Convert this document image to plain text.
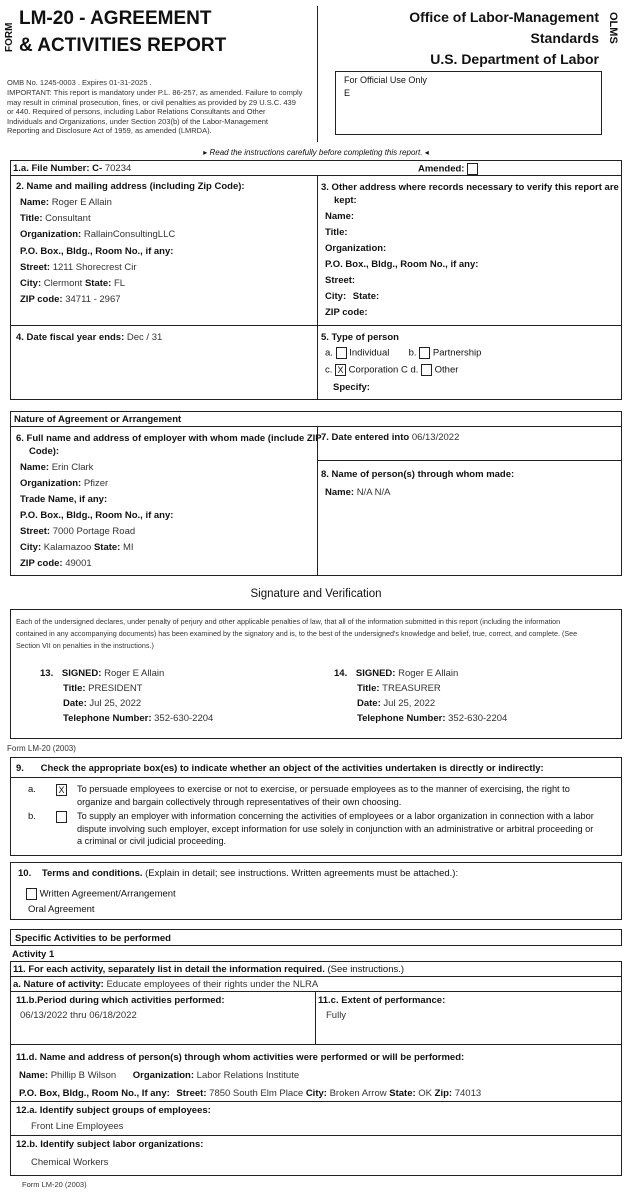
FORM
LM-20 - AGREEMENT
& ACTIVITIES REPORT
Office of Labor-Management
Standards
U.S. Department of Labor
OLMS
OMB No. 1245-0003 . Expires 01-31-2025 .
IMPORTANT: This report is mandatory under P.L. 86-257, as amended. Failure to comply
may result in criminal prosecution, fines, or civil penalties as provided by 29 U.S.C. 439
or 440. Required of persons, including Labor Relations Consultants and Other
Individuals and Organizations, under Section 203(b) of the Labor-Management
Reporting and Disclosure Act of 1959, as amended (LMRDA).
For Official Use Only
E
▸ Read the instructions carefully before completing this report. ◂
1.a. File Number: C- 70234	Amended:
2. Name and mailing address (including Zip Code):
Name: Roger E Allain
Title: Consultant
Organization: RallainConsultingLLC
P.O. Box., Bldg., Room No., if any:
Street: 1211 Shorecrest Cir
City: Clermont State: FL
ZIP code: 34711 - 2967
3. Other address where records necessary to verify this report are
kept:
Name:
Title:
Organization:
P.O. Box., Bldg., Room No., if any:
Street:
City: State:
ZIP code:
4. Date fiscal year ends: Dec / 31	5. Type of person
a. Individual b. Partnership
c. X Corporation C d. Other
Specify:
Nature of Agreement or Arrangement
6. Full name and address of employer with whom made (include ZIP
Code):
Name: Erin Clark
Organization: Pfizer
Trade Name, if any:
P.O. Box., Bldg., Room No., if any:
Street: 7000 Portage Road
City: Kalamazoo State: MI
ZIP code: 49001
7. Date entered into 06/13/2022
8. Name of person(s) through whom made:
Name: N/A N/A
Signature and Verification
Each of the undersigned declares, under penalty of perjury and other applicable penalties of law, that all of the information submitted in this report (including the information
contained in any accompanying documents) has been examined by the signatory and is, to the best of the undersigned's knowledge and belief, true, correct, and complete. (See
Section VII on penalties in the instructions.)
13. SIGNED: Roger E Allain
Title: PRESIDENT
Date: Jul 25, 2022
Telephone Number: 352-630-2204
14. SIGNED: Roger E Allain
Title: TREASURER
Date: Jul 25, 2022
Telephone Number: 352-630-2204
Form LM-20 (2003)
9. Check the appropriate box(es) to indicate whether an object of the activities undertaken is directly or indirectly:
a.	X To persuade employees to exercise or not to exercise, or persuade employees as to the manner of exercising, the right to
organize and bargain collectively through representatives of their own choosing.
b.	To supply an employer with information concerning the activities of employees or a labor organization in connection with a labor
dispute involving such employer, except information for use solely in conjunction with an administrative or arbitral proceeding or
a criminal or civil judicial proceeding.
10. Terms and conditions. (Explain in detail; see instructions. Written agreements must be attached.):
Written Agreement/Arrangement
Oral Agreement
Specific Activities to be performed
Activity 1
11. For each activity, separately list in detail the information required. (See instructions.)
a. Nature of activity: Educate employees of their rights under the NLRA
11.b.Period during which activities performed:
06/13/2022 thru 06/18/2022
11.c. Extent of performance:
Fully
11.d. Name and address of person(s) through whom activities were performed or will be performed:
Name: Phillip B Wilson Organization: Labor Relations Institute
P.O. Box, Bldg., Room No., If any: Street: 7850 South Elm Place City: Broken Arrow State: OK Zip: 74013
12.a. Identify subject groups of employees:
Front Line Employees
12.b. Identify subject labor organizations:
Chemical Workers
Form LM-20 (2003)
